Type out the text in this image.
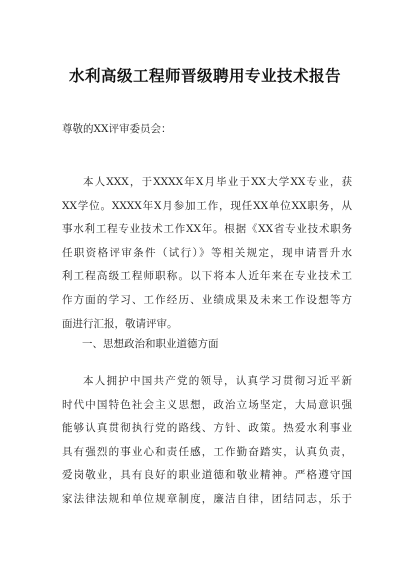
水利高级工程师晋级聘用专业技术报告

尊敬的XX评审委员会：

本人XXX，于XXXX年X月毕业于XX大学XX专业，获
XX学位。XXXX年X月参加工作，现任XX单位XX职务，从
事水利工程专业技术工作XX年。根据《XX省专业技术职务
任职资格评审条件（试行）》等相关规定，现申请晋升水
利工程高级工程师职称。以下将本人近年来在专业技术工
作方面的学习、工作经历、业绩成果及未来工作设想等方
面进行汇报，敬请评审。

一、思想政治和职业道德方面

本人拥护中国共产党的领导，认真学习贯彻习近平新
时代中国特色社会主义思想，政治立场坚定，大局意识强
能够认真贯彻执行党的路线、方针、政策。热爱水利事业
具有强烈的事业心和责任感，工作勤奋踏实，认真负责，
爱岗敬业，具有良好的职业道德和敬业精神。严格遵守国
家法律法规和单位规章制度，廉洁自律，团结同志，乐于
